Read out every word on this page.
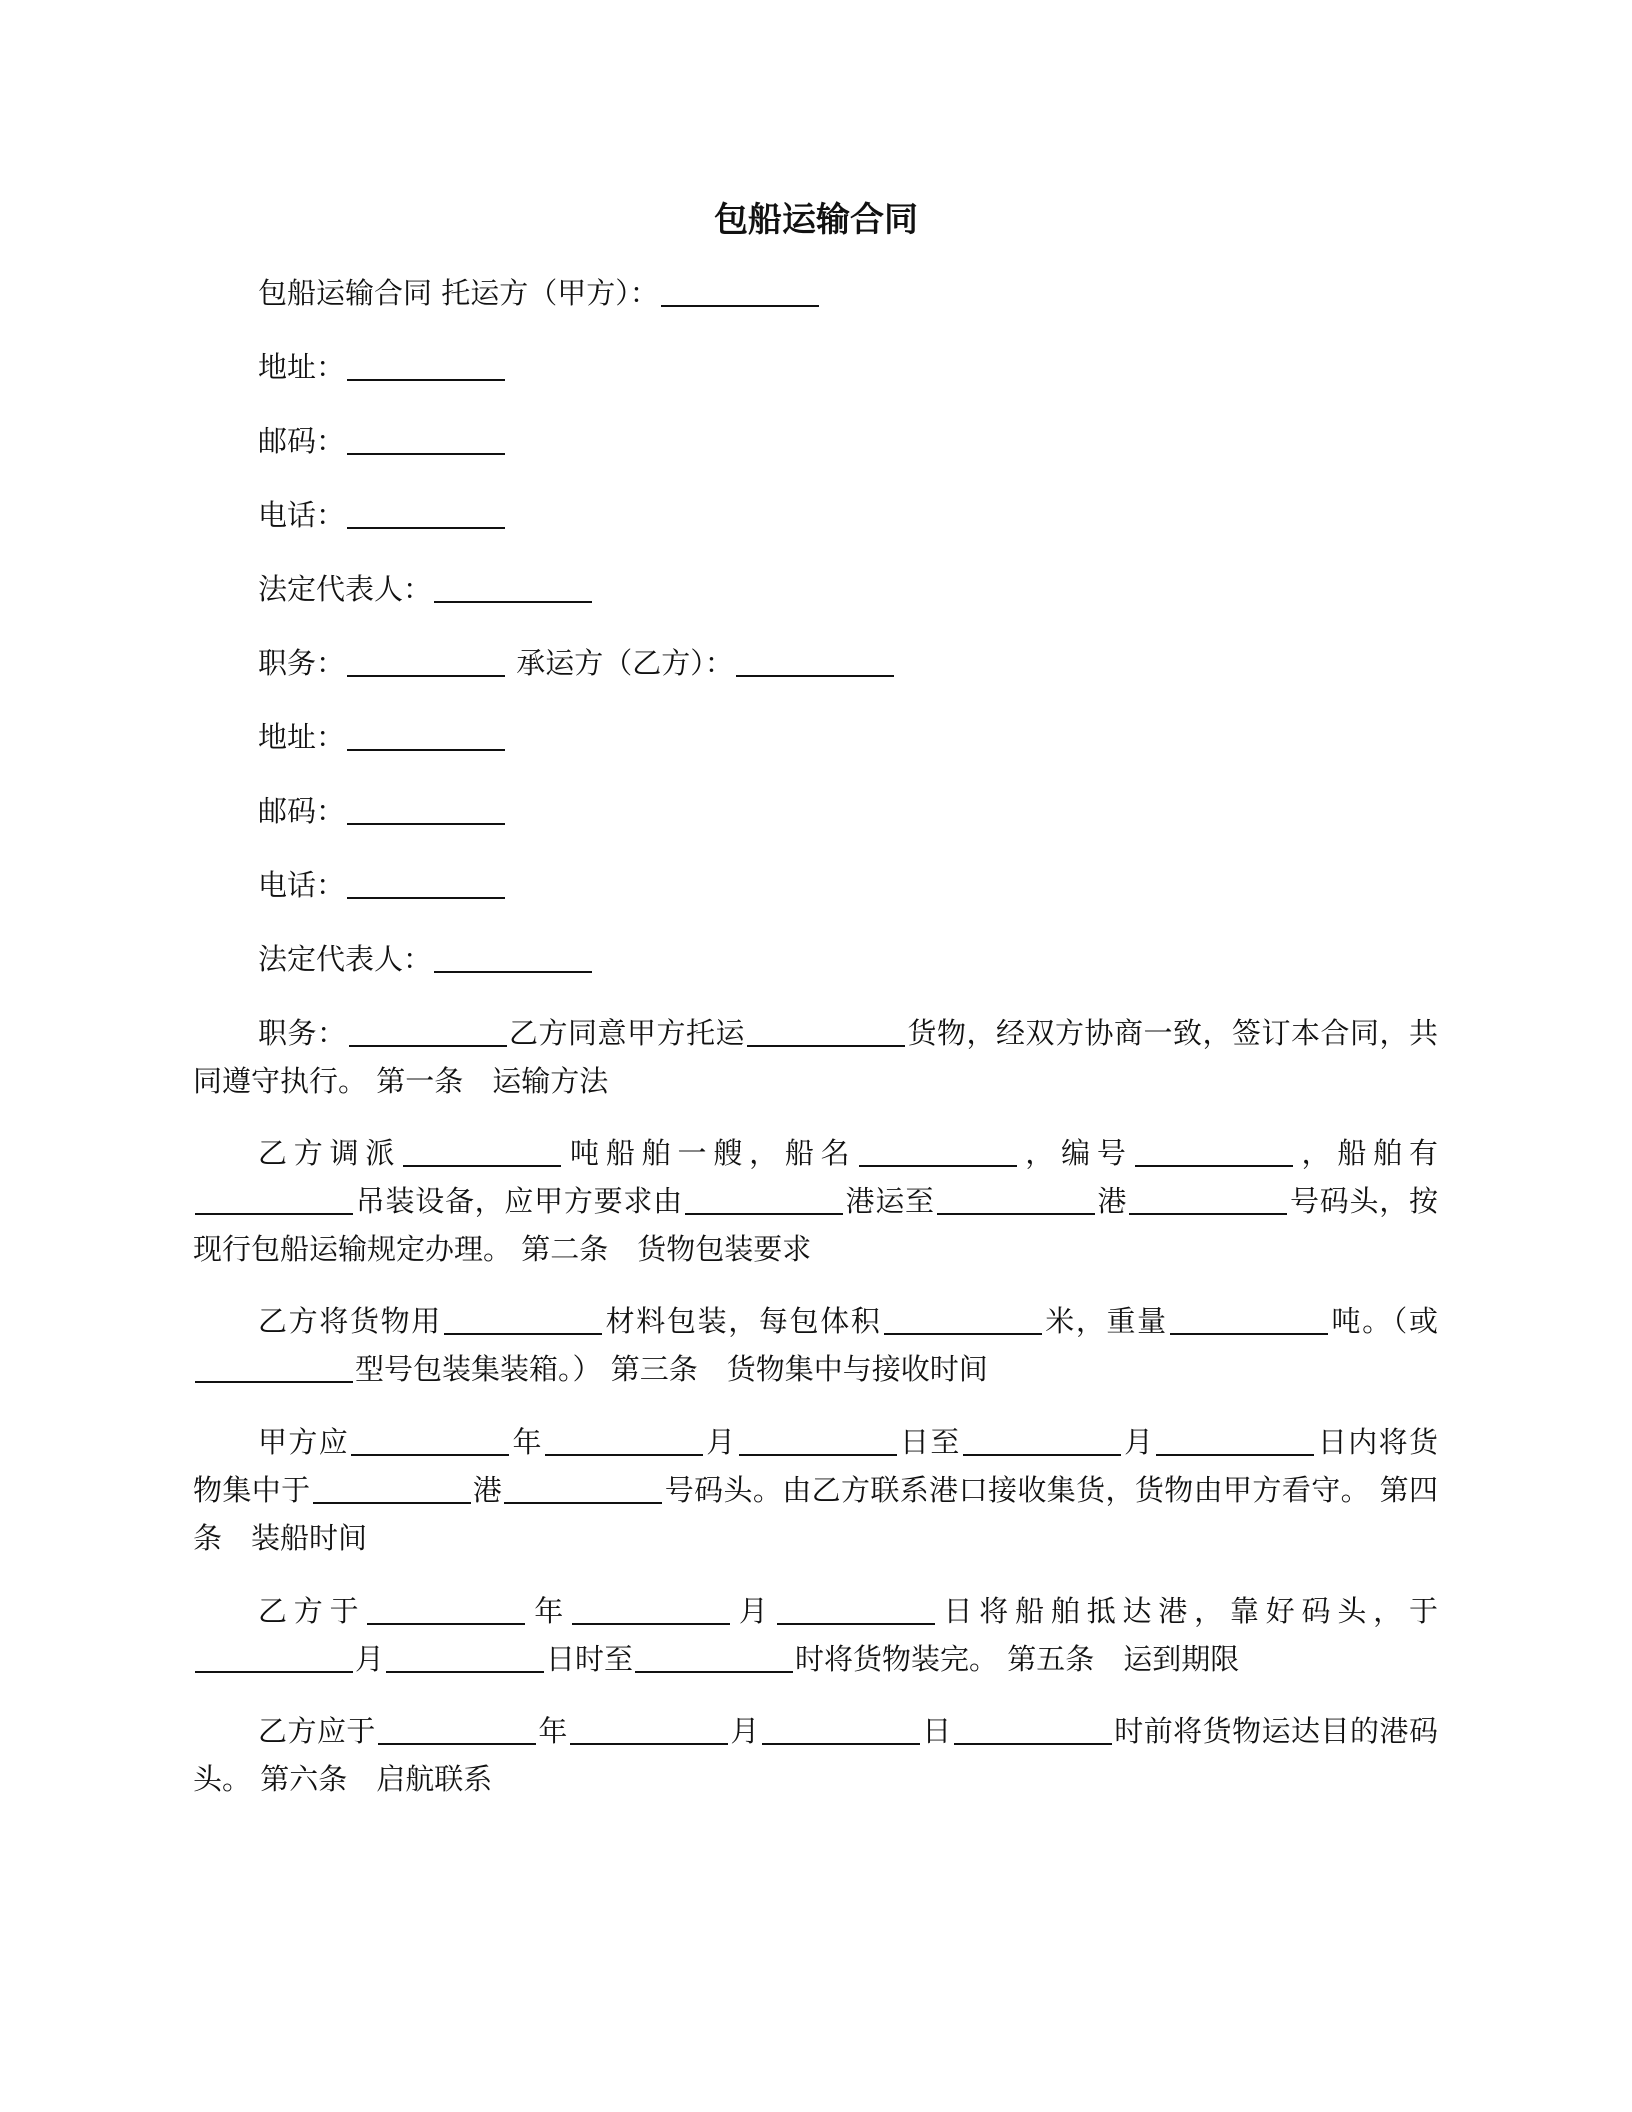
包船运输合同
包船运输合同 托运方（甲方）：
地址：
邮码：
电话：
法定代表人：
职务：	承运方（乙方）：
地址：
邮码：
电话：
法定代表人：
职务：	乙方同意甲方托运	货物，经双方协商一致，签订本合同，共同遵守执行。 第一条　运输方法
乙方调派	吨船舶一艘，船名	，编号	，船舶有吊装设备，应甲方要求由	港运至	港	号码头，按现行包船运输规定办理。 第二条　货物包装要求
乙方将货物用	材料包装，每包体积	米，重量	吨。（或型号包装集装箱。） 第三条　货物集中与接收时间
甲方应	年	月	日至	月	日内将货物集中于	港	号码头。由乙方联系港口接收集货，货物由甲方看守。 第四条　装船时间
乙方于	年	月	日将船舶抵达港，靠好码头，于月	日时至	时将货物装完。 第五条　运到期限
乙方应于	年	月	日	时前将货物运达目的港码头。 第六条　启航联系
